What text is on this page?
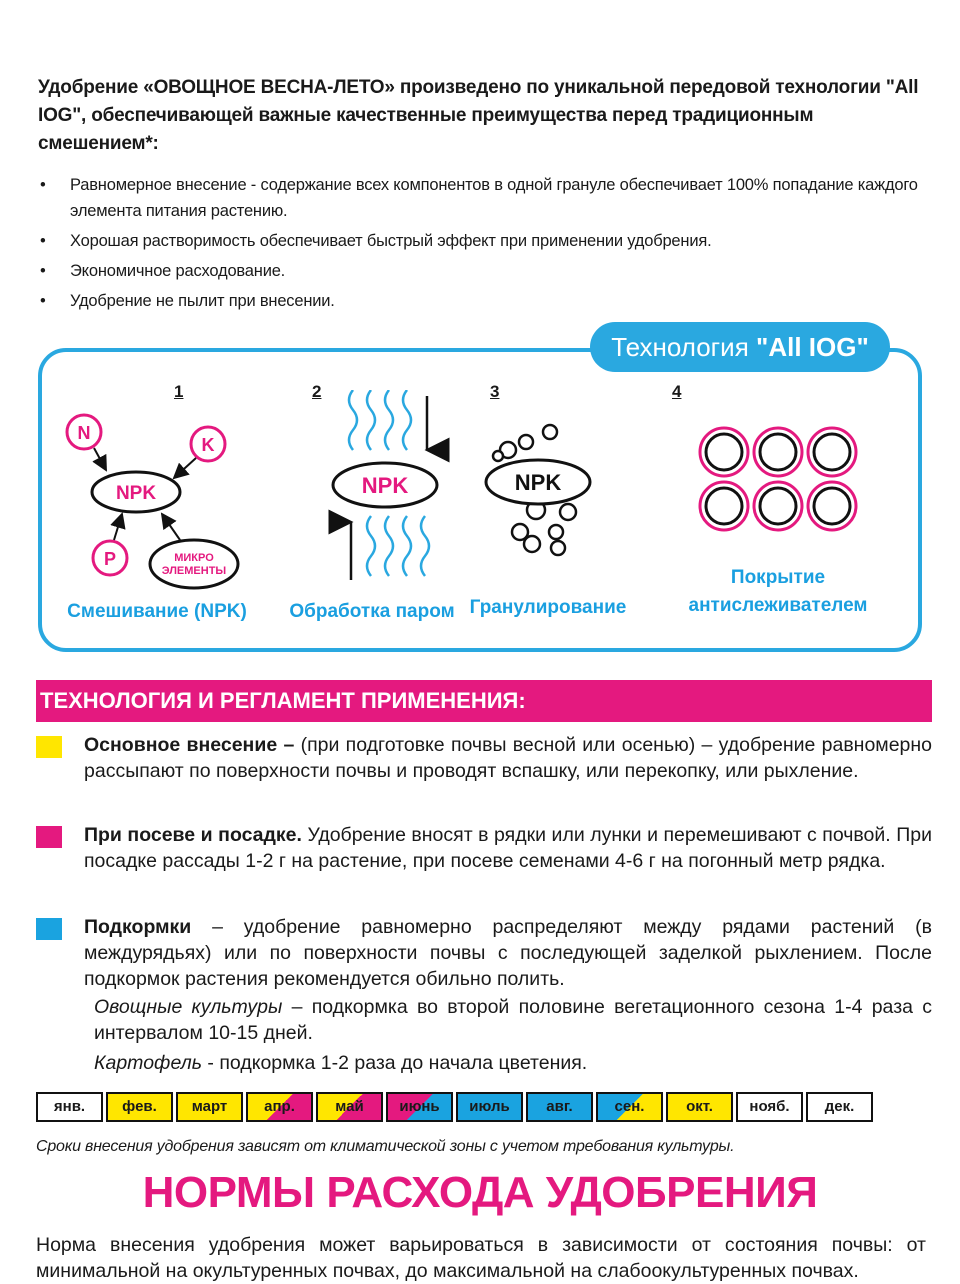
Удобрение «ОВОЩНОЕ ВЕСНА-ЛЕТО» произведено по уникальной передовой технологии "All IOG", обеспечивающей важные качественные преимущества перед традиционным смешением*:
• Равномерное внесение - содержание всех компонентов в одной грануле обеспечивает 100% попадание каждого элемента питания растению.
• Хорошая растворимость обеспечивает быстрый эффект при применении удобрения.
• Экономичное расходование.
• Удобрение не пылит при внесении.
Технология "All IOG"
1
N
K
NPK
P	МИКРО
ЭЛЕМЕНТЫ
Смешивание (NPK)
2
NPK
Обработка паром
3
NPK
Гранулирование
4
Покрытие
антислеживателем
ТЕХНОЛОГИЯ И РЕГЛАМЕНТ ПРИМЕНЕНИЯ:
Основное внесение – (при подготовке почвы весной или осенью) – удобрение равномерно рассыпают по поверхности почвы и проводят вспашку, или перекопку, или рыхление.
При посеве и посадке. Удобрение вносят в рядки или лунки и перемешивают с почвой. При посадке рассады 1-2 г на растение, при посеве семенами 4-6 г на погонный метр рядка.
Подкормки – удобрение равномерно распределяют между рядами растений (в междурядьях) или по поверхности почвы с последующей заделкой рыхлением. После подкормок растения рекомендуется обильно полить.
Овощные культуры – подкормка во второй половине вегетационного сезона 1-4 раза с интервалом 10-15 дней.
Картофель - подкормка 1-2 раза до начала цветения.
янв.	фев.	март	апр.	май	июнь	июль	авг.	сен.	окт.	нояб.	дек.
Сроки внесения удобрения зависят от климатической зоны с учетом требования культуры.
НОРМЫ РАСХОДА УДОБРЕНИЯ
Норма внесения удобрения может варьироваться в зависимости от состояния почвы: от минимальной на окультуренных почвах, до максимальной на слабоокультуренных почвах.
